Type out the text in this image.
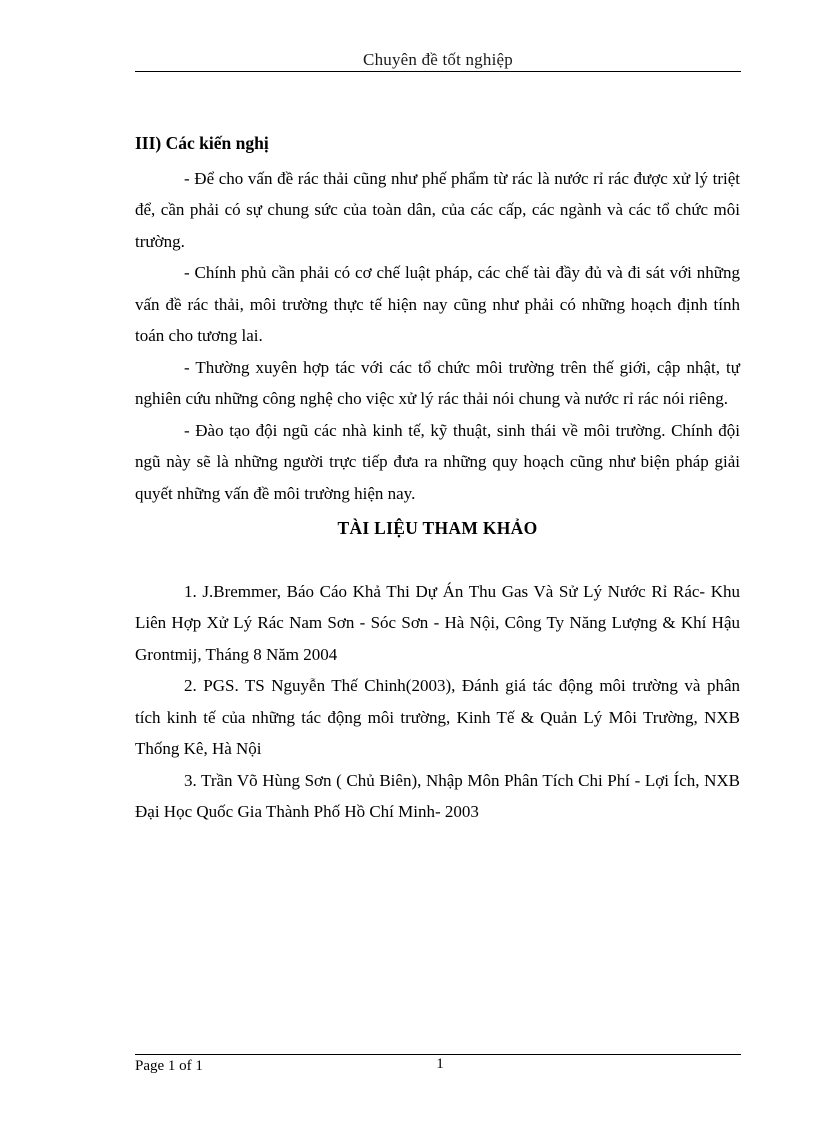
Chuyên đề tốt nghiệp
III) Các kiến nghị

- Để cho vấn đề rác thải cũng như phế phẩm từ rác là nước rỉ rác được xử lý triệt để, cần phải có sự chung sức của toàn dân, của các cấp, các ngành và các tổ chức môi trường.

- Chính phủ cần phải có cơ chế luật pháp, các chế tài đầy đủ và đi sát với những vấn đề rác thải, môi trường thực tế hiện nay cũng như phải có những hoạch định tính toán cho tương lai.

- Thường xuyên hợp tác với các tổ chức môi trường trên thế giới, cập nhật, tự nghiên cứu những công nghệ cho việc xử lý rác thải nói chung và nước rỉ rác nói riêng.

- Đào tạo đội ngũ các nhà kinh tế, kỹ thuật, sinh thái về môi trường. Chính đội ngũ này sẽ là những người trực tiếp đưa ra những quy hoạch cũng như biện pháp giải quyết những vấn đề môi trường hiện nay.

TÀI LIỆU THAM KHẢO

1. J.Bremmer, Báo Cáo Khả Thi Dự Án Thu Gas Và Sử Lý Nước Rỉ Rác- Khu Liên Hợp Xử Lý Rác Nam Sơn - Sóc Sơn - Hà Nội, Công Ty Năng Lượng & Khí Hậu Grontmij, Tháng 8 Năm 2004

2. PGS. TS Nguyễn Thế Chinh(2003), Đánh giá tác động môi trường và phân tích kinh tế của những tác động môi trường, Kinh Tế & Quản Lý Môi Trường, NXB Thống Kê, Hà Nội

3. Trần Võ Hùng Sơn ( Chủ Biên), Nhập Môn Phân Tích Chi Phí - Lợi Ích, NXB Đại Học Quốc Gia Thành Phố Hồ Chí Minh- 2003

Page 1 of 1	1
